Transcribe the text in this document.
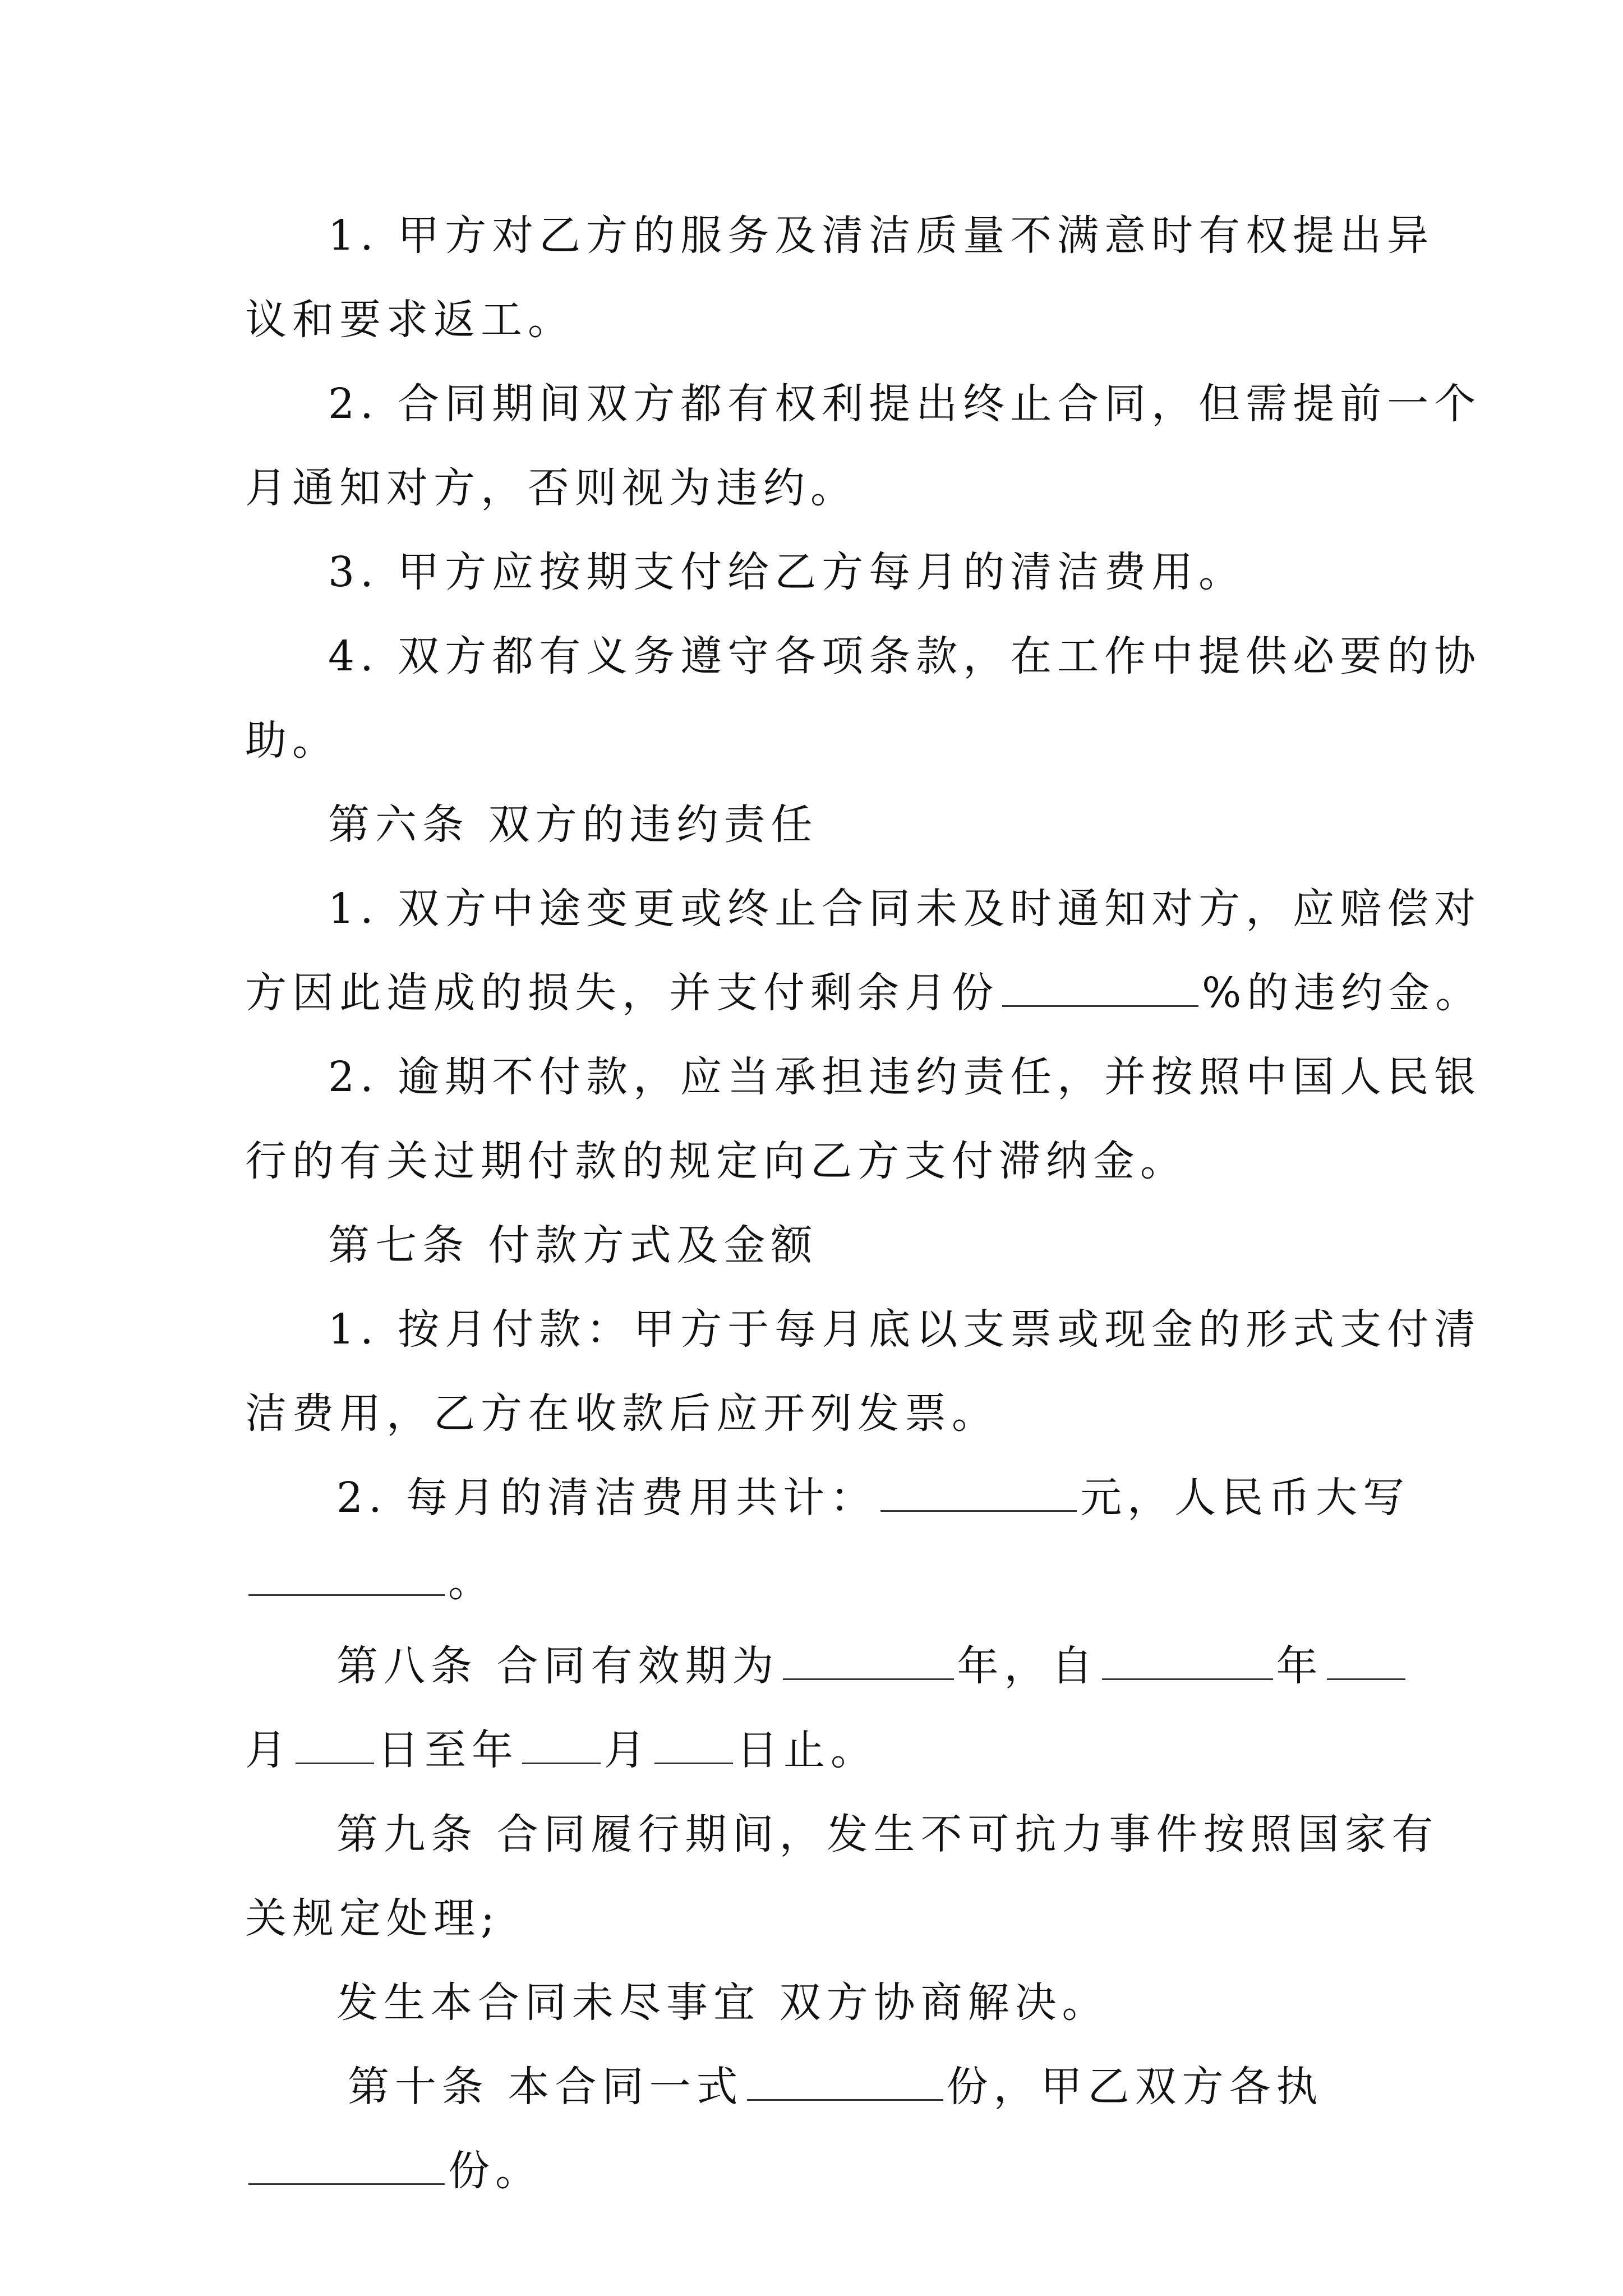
1. 甲方对乙方的服务及清洁质量不满意时有权提出异
议和要求返工。
2. 合同期间双方都有权利提出终止合同，但需提前一个
月通知对方，否则视为违约。
3. 甲方应按期支付给乙方每月的清洁费用。
4. 双方都有义务遵守各项条款，在工作中提供必要的协
助。
第六条 双方的违约责任
1. 双方中途变更或终止合同未及时通知对方，应赔偿对
方因此造成的损失，并支付剩余月份	%的违约金。
2. 逾期不付款，应当承担违约责任，并按照中国人民银
行的有关过期付款的规定向乙方支付滞纳金。
第七条 付款方式及金额
1. 按月付款：甲方于每月底以支票或现金的形式支付清
洁费用，乙方在收款后应开列发票。
2. 每月的清洁费用共计：	元，人民币大写
。
第八条 合同有效期为	年，自	年
月 日至年 月 日止。
第九条 合同履行期间，发生不可抗力事件按照国家有
关规定处理;
发生本合同未尽事宜 双方协商解决。
第十条 本合同一式	份，甲乙双方各执
份。
